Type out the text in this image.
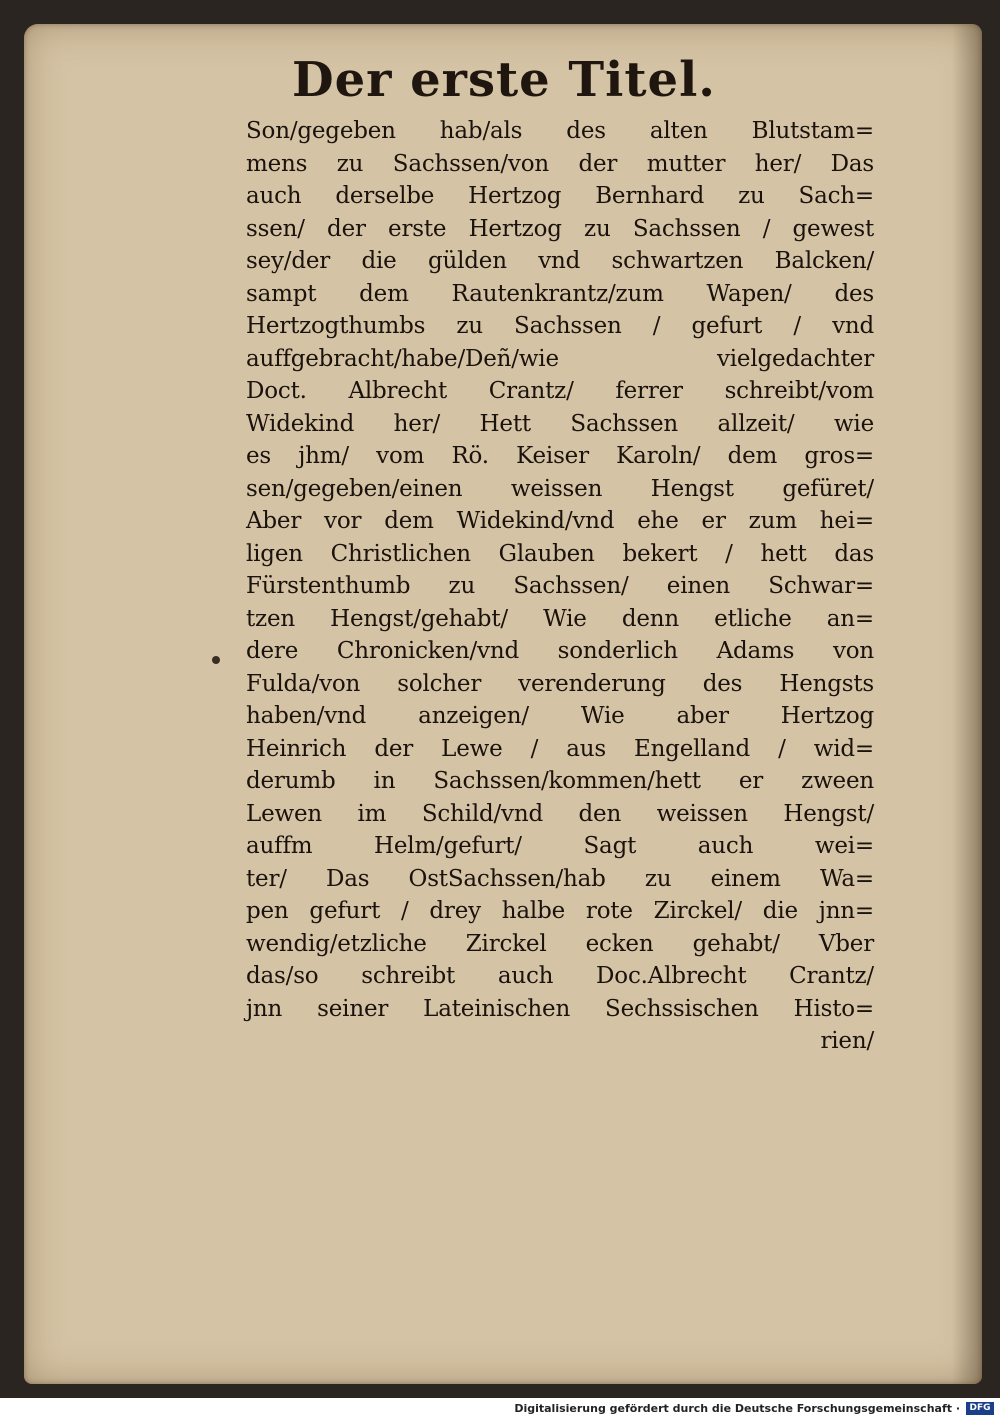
Der erste Titel.
Son/gegeben hab/als des alten Blutstam=
mens zu Sachssen/von der mutter her/ Das
auch derselbe Hertzog Bernhard zu Sach=
ssen/ der erste Hertzog zu Sachssen / gewest
sey/der die gülden vnd schwartzen Balcken/
sampt dem Rautenkrantz/zum Wapen/ des
Hertzogthumbs zu Sachssen / gefurt / vnd
auffgebracht/habe/Deñ/wie vielgedachter
Doct. Albrecht Crantz/ ferrer schreibt/vom
Widekind her/ Hett Sachssen allzeit/ wie
es jhm/ vom Rö. Keiser Karoln/ dem gros=
sen/gegeben/einen weissen Hengst gefüret/
Aber vor dem Widekind/vnd ehe er zum hei=
ligen Christlichen Glauben bekert / hett das
Fürstenthumb zu Sachssen/ einen Schwar=
tzen Hengst/gehabt/ Wie denn etliche an=
dere Chronicken/vnd sonderlich Adams von
Fulda/von solcher verenderung des Hengsts
haben/vnd anzeigen/ Wie aber Hertzog
Heinrich der Lewe / aus Engelland / wid=
derumb in Sachssen/kommen/hett er zween
Lewen im Schild/vnd den weissen Hengst/
auffm Helm/gefurt/ Sagt auch wei=
ter/ Das OstSachssen/hab zu einem Wa=
pen gefurt / drey halbe rote Zirckel/ die jnn=
wendig/etzliche Zirckel ecken gehabt/ Vber
das/so schreibt auch Doc.Albrecht Crantz/
jnn seiner Lateinischen Sechssischen Histo=
rien/
Digitalisierung gefördert durch die Deutsche Forschungsgemeinschaft ·	DFG
